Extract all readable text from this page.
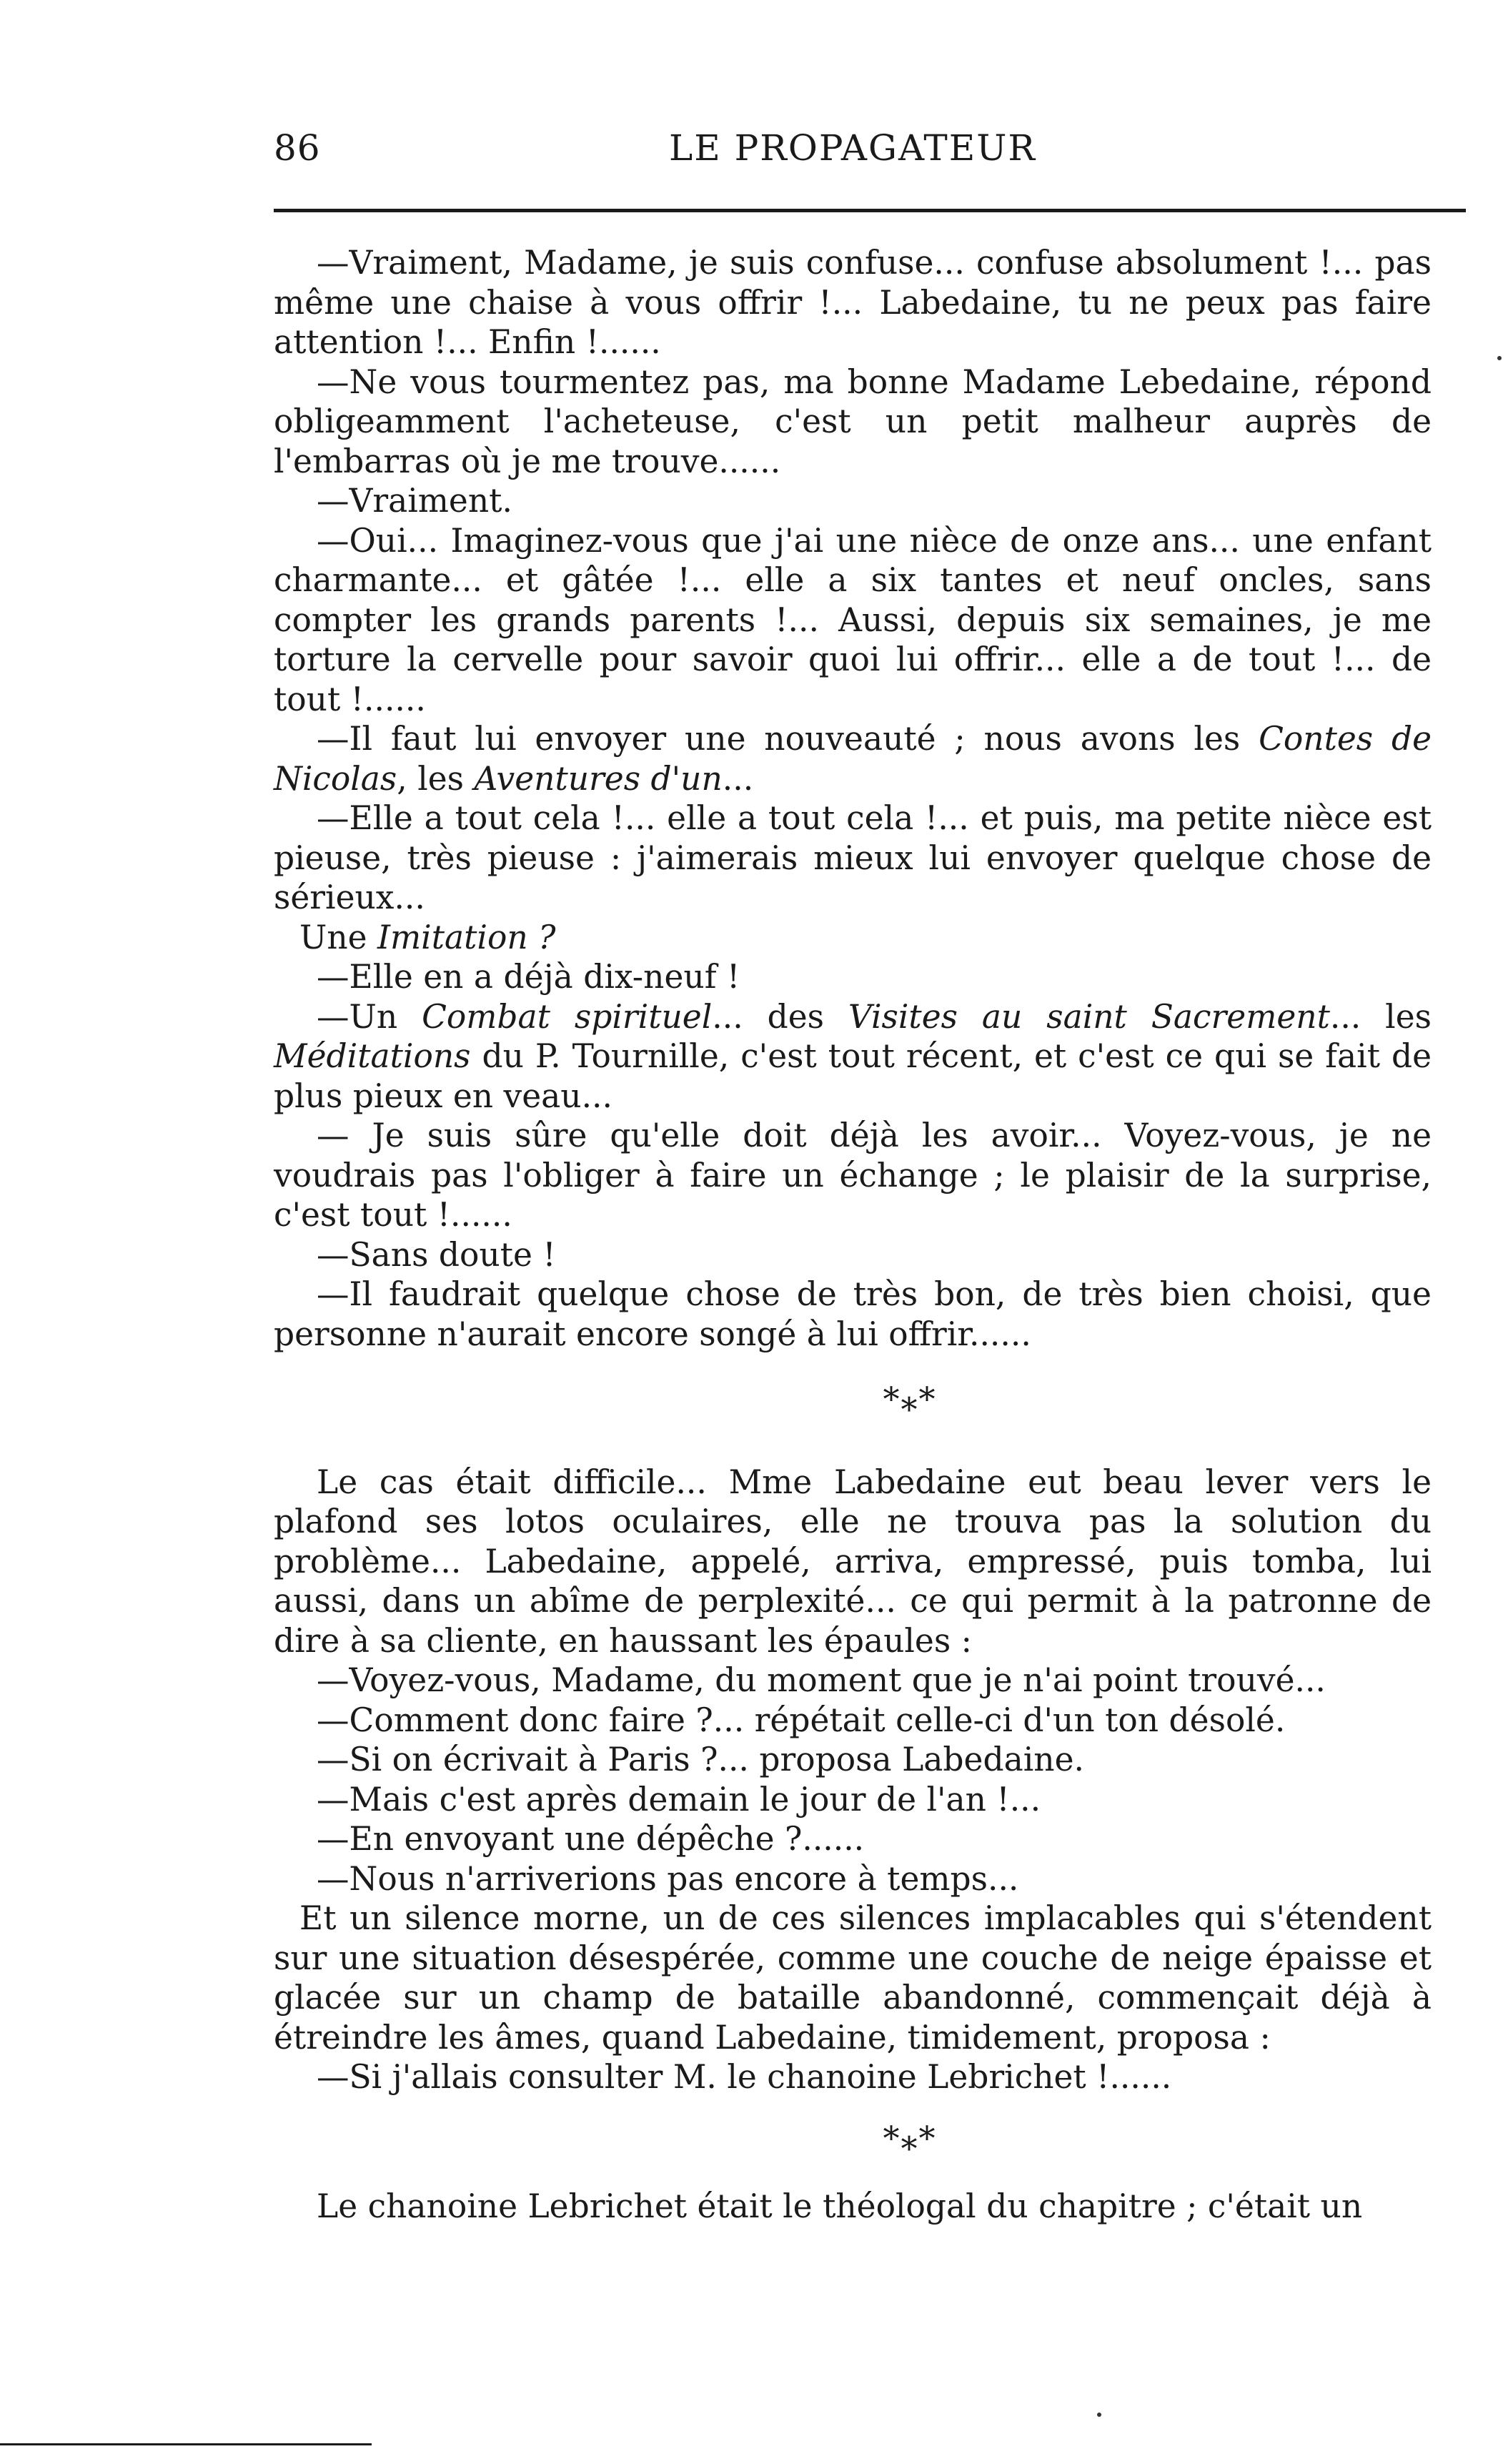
86	LE PROPAGATEUR

—Vraiment, Madame, je suis confuse... confuse absolument !... pas même une chaise à vous offrir !... Labedaine, tu ne peux pas faire attention !... Enfin !......

—Ne vous tourmentez pas, ma bonne Madame Lebedaine, répond obligeamment l'acheteuse, c'est un petit malheur auprès de l'embarras où je me trouve......

—Vraiment.

—Oui... Imaginez-vous que j'ai une nièce de onze ans... une enfant charmante... et gâtée !... elle a six tantes et neuf oncles, sans compter les grands parents !... Aussi, depuis six semaines, je me torture la cervelle pour savoir quoi lui offrir... elle a de tout !... de tout !......

—Il faut lui envoyer une nouveauté ; nous avons les Contes de Nicolas, les Aventures d'un...

—Elle a tout cela !... elle a tout cela !... et puis, ma petite nièce est pieuse, très pieuse : j'aimerais mieux lui envoyer quelque chose de sérieux...

Une Imitation ?

—Elle en a déjà dix-neuf !

—Un Combat spirituel... des Visites au saint Sacrement... les Méditations du P. Tournille, c'est tout récent, et c'est ce qui se fait de plus pieux en veau...

— Je suis sûre qu'elle doit déjà les avoir... Voyez-vous, je ne voudrais pas l'obliger à faire un échange ; le plaisir de la surprise, c'est tout !......

—Sans doute !

—Il faudrait quelque chose de très bon, de très bien choisi, que personne n'aurait encore songé à lui offrir......

*⁎*

Le cas était difficile... Mme Labedaine eut beau lever vers le plafond ses lotos oculaires, elle ne trouva pas la solution du problème... Labedaine, appelé, arriva, empressé, puis tomba, lui aussi, dans un abîme de perplexité... ce qui permit à la patronne de dire à sa cliente, en haussant les épaules :

—Voyez-vous, Madame, du moment que je n'ai point trouvé...

—Comment donc faire ?... répétait celle-ci d'un ton désolé.

—Si on écrivait à Paris ?... proposa Labedaine.

—Mais c'est après demain le jour de l'an !...

—En envoyant une dépêche ?......

—Nous n'arriverions pas encore à temps...

Et un silence morne, un de ces silences implacables qui s'étendent sur une situation désespérée, comme une couche de neige épaisse et glacée sur un champ de bataille abandonné, commençait déjà à étreindre les âmes, quand Labedaine, timidement, proposa :

—Si j'allais consulter M. le chanoine Lebrichet !......

*⁎*

Le chanoine Lebrichet était le théologal du chapitre ; c'était un
